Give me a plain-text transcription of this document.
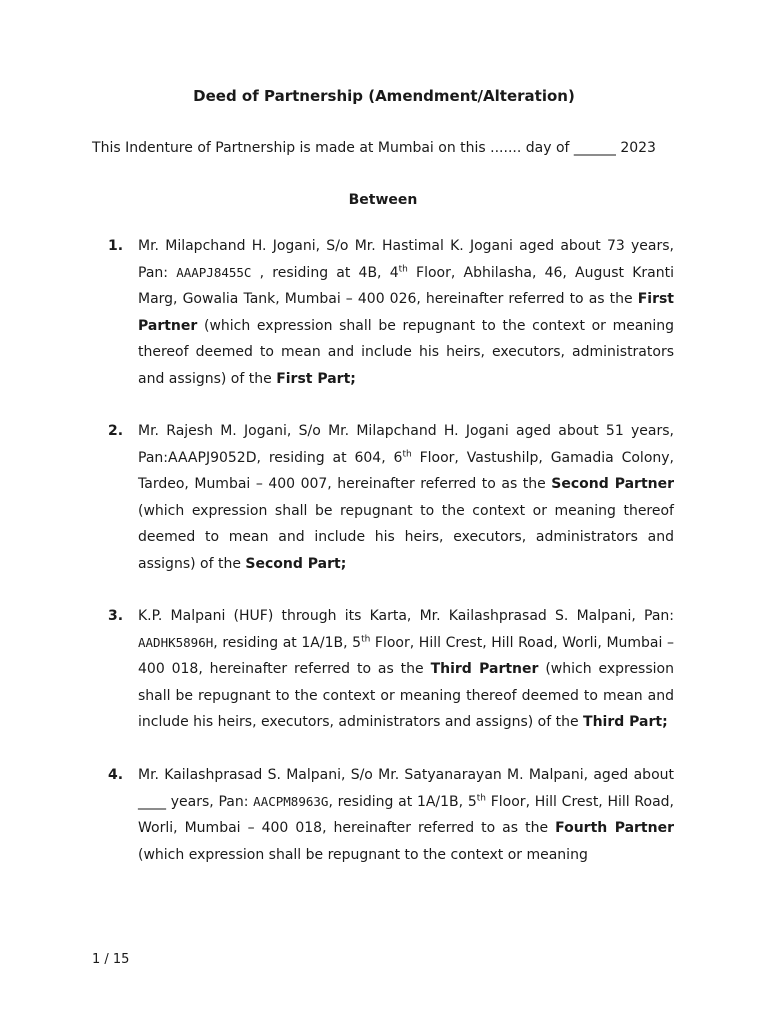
Deed of Partnership (Amendment/Alteration)
This Indenture of Partnership is made at Mumbai on this ....... day of ______ 2023
Between
1.	Mr. Milapchand H. Jogani, S/o Mr. Hastimal K. Jogani aged about 73 years, Pan: AAAPJ8455C , residing at 4B, 4th Floor, Abhilasha, 46, August Kranti Marg, Gowalia Tank, Mumbai – 400 026, hereinafter referred to as the First Partner (which expression shall be repugnant to the context or meaning thereof deemed to mean and include his heirs, executors, administrators and assigns) of the First Part;
2.	Mr. Rajesh M. Jogani, S/o Mr. Milapchand H. Jogani aged about 51 years, Pan:AAAPJ9052D, residing at 604, 6th Floor, Vastushilp, Gamadia Colony, Tardeo, Mumbai – 400 007, hereinafter referred to as the Second Partner (which expression shall be repugnant to the context or meaning thereof deemed to mean and include his heirs, executors, administrators and assigns) of the Second Part;
3.	K.P. Malpani (HUF) through its Karta, Mr. Kailashprasad S. Malpani, Pan: AADHK5896H, residing at 1A/1B, 5th Floor, Hill Crest, Hill Road, Worli, Mumbai – 400 018, hereinafter referred to as the Third Partner (which expression shall be repugnant to the context or meaning thereof deemed to mean and include his heirs, executors, administrators and assigns) of the Third Part;
4.	Mr. Kailashprasad S. Malpani, S/o Mr. Satyanarayan M. Malpani, aged about ____ years, Pan: AACPM8963G, residing at 1A/1B, 5th Floor, Hill Crest, Hill Road, Worli, Mumbai – 400 018, hereinafter referred to as the Fourth Partner (which expression shall be repugnant to the context or meaning
1 / 15
